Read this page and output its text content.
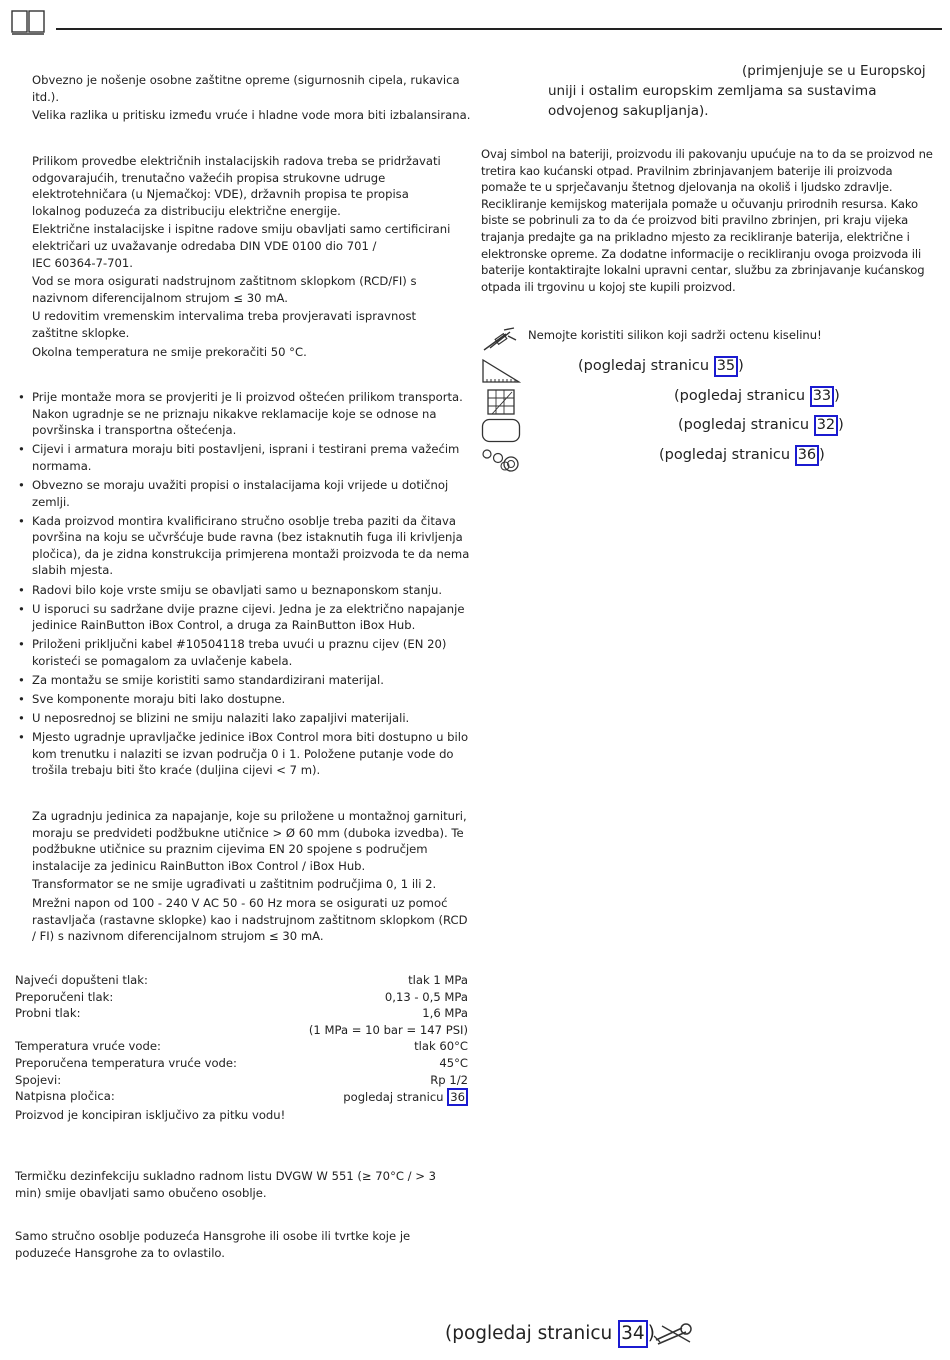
Obvezno je nošenje osobne zaštitne opreme (sigurnosnih cipela, rukavica itd.).

Velika razlika u pritisku između vruće i hladne vode mora biti izbalansirana.

Prilikom provedbe električnih instalacijskih radova treba se pridržavati odgovarajućih, trenutačno važećih propisa strukovne udruge elektrotehničara (u Njemačkoj: VDE), državnih propisa te propisa lokalnog poduzeća za distribuciju električne energije.

Električne instalacijske i ispitne radove smiju obavljati samo certificirani električari uz uvažavanje odredaba DIN VDE 0100 dio 701 /

IEC 60364-7-701.

Vod se mora osigurati nadstrujnom zaštitnom sklopkom (RCD/FI) s nazivnom diferencijalnom strujom ≤ 30 mA.

U redovitim vremenskim intervalima treba provjeravati ispravnost zaštitne sklopke.

Okolna temperatura ne smije prekoračiti 50 °C.

• Prije montaže mora se provjeriti je li proizvod oštećen prilikom transporta. Nakon ugradnje se ne priznaju nikakve reklamacije koje se odnose na površinska i transportna oštećenja.
• Cijevi i armatura moraju biti postavljeni, isprani i testirani prema važećim normama.
• Obvezno se moraju uvažiti propisi o instalacijama koji vrijede u dotičnoj zemlji.
• Kada proizvod montira kvalificirano stručno osoblje treba paziti da čitava površina na koju se učvršćuje bude ravna (bez istaknutih fuga ili krivljenja pločica), da je zidna konstrukcija primjerena montaži proizvoda te da nema slabih mjesta.
• Radovi bilo koje vrste smiju se obavljati samo u beznaponskom stanju.
• U isporuci su sadržane dvije prazne cijevi. Jedna je za električno napajanje jedinice RainButton iBox Control, a druga za RainButton iBox Hub.
• Priloženi priključni kabel #10504118 treba uvući u praznu cijev (EN 20) koristeći se pomagalom za uvlačenje kabela.
• Za montažu se smije koristiti samo standardizirani materijal.
• Sve komponente moraju biti lako dostupne.
• U neposrednoj se blizini ne smiju nalaziti lako zapaljivi materijali.
• Mjesto ugradnje upravljačke jedinice iBox Control mora biti dostupno u bilo kom trenutku i nalaziti se izvan područja 0 i 1. Položene putanje vode do trošila trebaju biti što kraće (duljina cijevi < 7 m).

Za ugradnju jedinica za napajanje, koje su priložene u montažnoj garnituri, moraju se predvideti podžbukne utičnice > Ø 60 mm (duboka izvedba). Te podžbukne utičnice su praznim cijevima EN 20 spojene s područjem instalacije za jedinicu RainButton iBox Control / iBox Hub.

Transformator se ne smije ugrađivati u zaštitnim područjima 0, 1 ili 2.

Mrežni napon od 100 - 240 V AC 50 - 60 Hz mora se osigurati uz pomoć rastavljača (rastavne sklopke) kao i nadstrujnom zaštitnom sklopkom (RCD / FI) s nazivnom diferencijalnom strujom ≤ 30 mA.

Najveći dopušteni tlak:	tlak 1 MPa
Preporučeni tlak:	0,13 - 0,5 MPa
Probni tlak:	1,6 MPa
(1 MPa = 10 bar = 147 PSI)
Temperatura vruće vode:	tlak 60°C
Preporučena temperatura vruće vode:	45°C
Spojevi:	Rp 1/2
Natpisna pločica:	pogledaj stranicu 36
Proizvod je koncipiran isključivo za pitku vodu!
Termičku dezinfekciju sukladno radnom listu DVGW W 551 (≥ 70°C / > 3 min) smije obavljati samo obučeno osoblje.
Samo stručno osoblje poduzeća Hansgrohe ili osobe ili tvrtke koje je poduzeće Hansgrohe za to ovlastilo.
(primjenjuje se u Europskoj
uniji i ostalim europskim zemljama sa sustavima odvojenog sakupljanja).
Ovaj simbol na bateriji, proizvodu ili pakovanju upućuje na to da se proizvod ne tretira kao kućanski otpad. Pravilnim zbrinjavanjem baterije ili proizvoda pomaže te u sprječavanju štetnog djelovanja na okoliš i ljudsko zdravlje. Recikliranje kemijskog materijala pomaže u očuvanju prirodnih resursa. Kako biste se pobrinuli za to da će proizvod biti pravilno zbrinjen, pri kraju vijeka trajanja predajte ga na prikladno mjesto za recikliranje baterija, električne i elektronske opreme. Za dodatne informacije o recikliranju ovoga proizvoda ili baterije kontaktirajte lokalni upravni centar, službu za zbrinjavanje kućanskog otpada ili trgovinu u kojoj ste kupili proizvod.
Nemojte koristiti silikon koji sadrži octenu kiselinu!
(pogledaj stranicu 35 )
(pogledaj stranicu 33 )
(pogledaj stranicu 32 )
(pogledaj stranicu 36 )
(pogledaj stranicu 34 )
